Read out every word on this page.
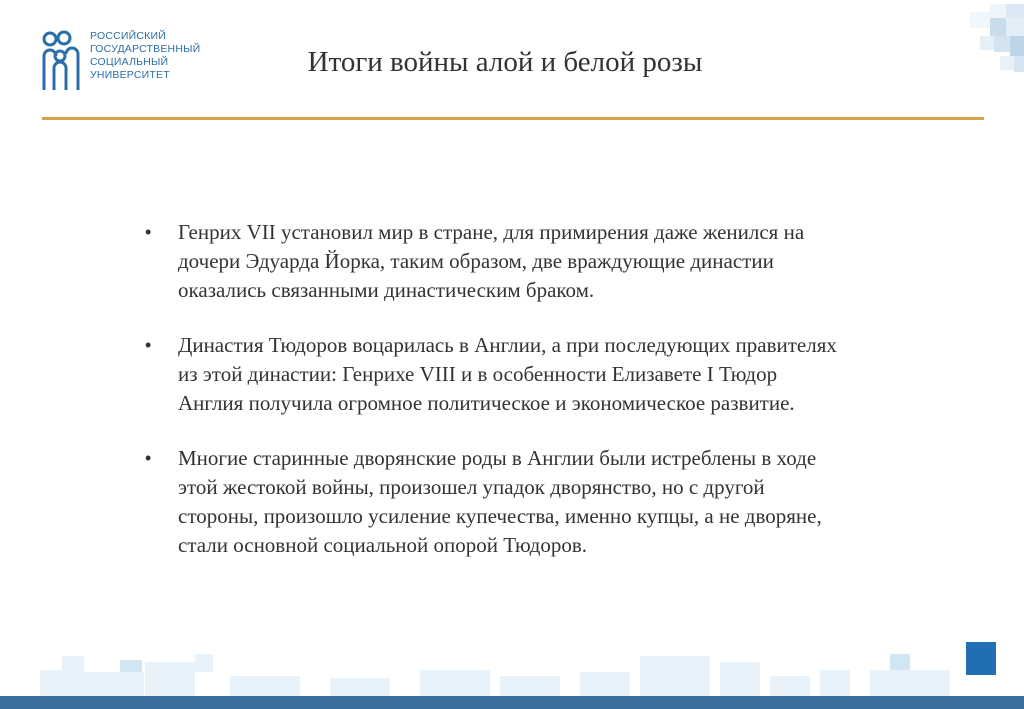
РОССИЙСКИЙ
ГОСУДАРСТВЕННЫЙ
СОЦИАЛЬНЫЙ
УНИВЕРСИТЕТ	Итоги войны алой и белой розы
• Генрих VII установил мир в стране, для примирения даже женился на дочери Эдуарда Йорка, таким образом, две враждующие династии оказались связанными династическим браком.
• Династия Тюдоров воцарилась в Англии, а при последующих правителях из этой династии: Генрихе VIII и в особенности Елизавете I Тюдор Англия получила огромное политическое и экономическое развитие.
• Многие старинные дворянские роды в Англии были истреблены в ходе этой жестокой войны, произошел упадок дворянство, но с другой стороны, произошло усиление купечества, именно купцы, а не дворяне, стали основной социальной опорой Тюдоров.
